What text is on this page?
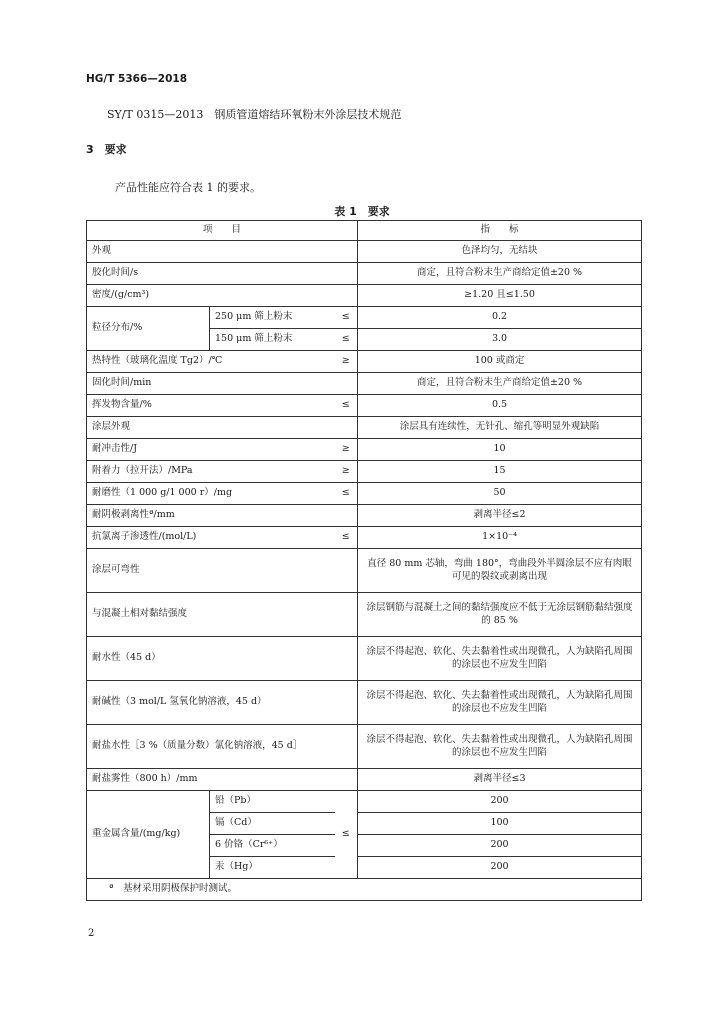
HG/T 5366—2018
SY/T 0315—2013　钢质管道熔结环氧粉末外涂层技术规范
3　要求
产品性能应符合表 1 的要求。
表 1　要求
项　　目			指　　标
外观			色泽均匀，无结块
胶化时间/s			商定，且符合粉末生产商给定值±20 %
密度/(g/cm³)			≥1.20 且≤1.50
粒径分布/%	250 μm 筛上粉末	≤	0.2
	150 μm 筛上粉末	≤	3.0
热特性（玻璃化温度 Tg2）/℃		≥	100 或商定
固化时间/min			商定，且符合粉末生产商给定值±20 %
挥发物含量/%		≤	0.5
涂层外观			涂层具有连续性，无针孔、缩孔等明显外观缺陷
耐冲击性/J		≥	10
附着力（拉开法）/MPa		≥	15
耐磨性（1 000 g/1 000 r）/mg		≤	50
耐阴极剥离性ª/mm			剥离半径≤2
抗氯离子渗透性/(mol/L)		≤	1×10⁻⁴
涂层可弯性			直径 80 mm 芯轴，弯曲 180°，弯曲段外半圆涂层不应有肉眼可见的裂纹或剥离出现
与混凝土相对黏结强度			涂层钢筋与混凝土之间的黏结强度应不低于无涂层钢筋黏结强度的 85 %
耐水性（45 d）			涂层不得起泡、软化、失去黏着性或出现微孔，人为缺陷孔周围的涂层也不应发生凹陷
耐碱性（3 mol/L 氢氧化钠溶液，45 d）			涂层不得起泡、软化、失去黏着性或出现微孔，人为缺陷孔周围的涂层也不应发生凹陷
耐盐水性［3 %（质量分数）氯化钠溶液，45 d］			涂层不得起泡、软化、失去黏着性或出现微孔，人为缺陷孔周围的涂层也不应发生凹陷
耐盐雾性（800 h）/mm			剥离半径≤3
重金属含量/(mg/kg)	铅（Pb）	≤	200
	镉（Cd）		100
	6 价铬（Cr⁶⁺）		200
	汞（Hg）		200
ª　基材采用阴极保护时测试。			
2
